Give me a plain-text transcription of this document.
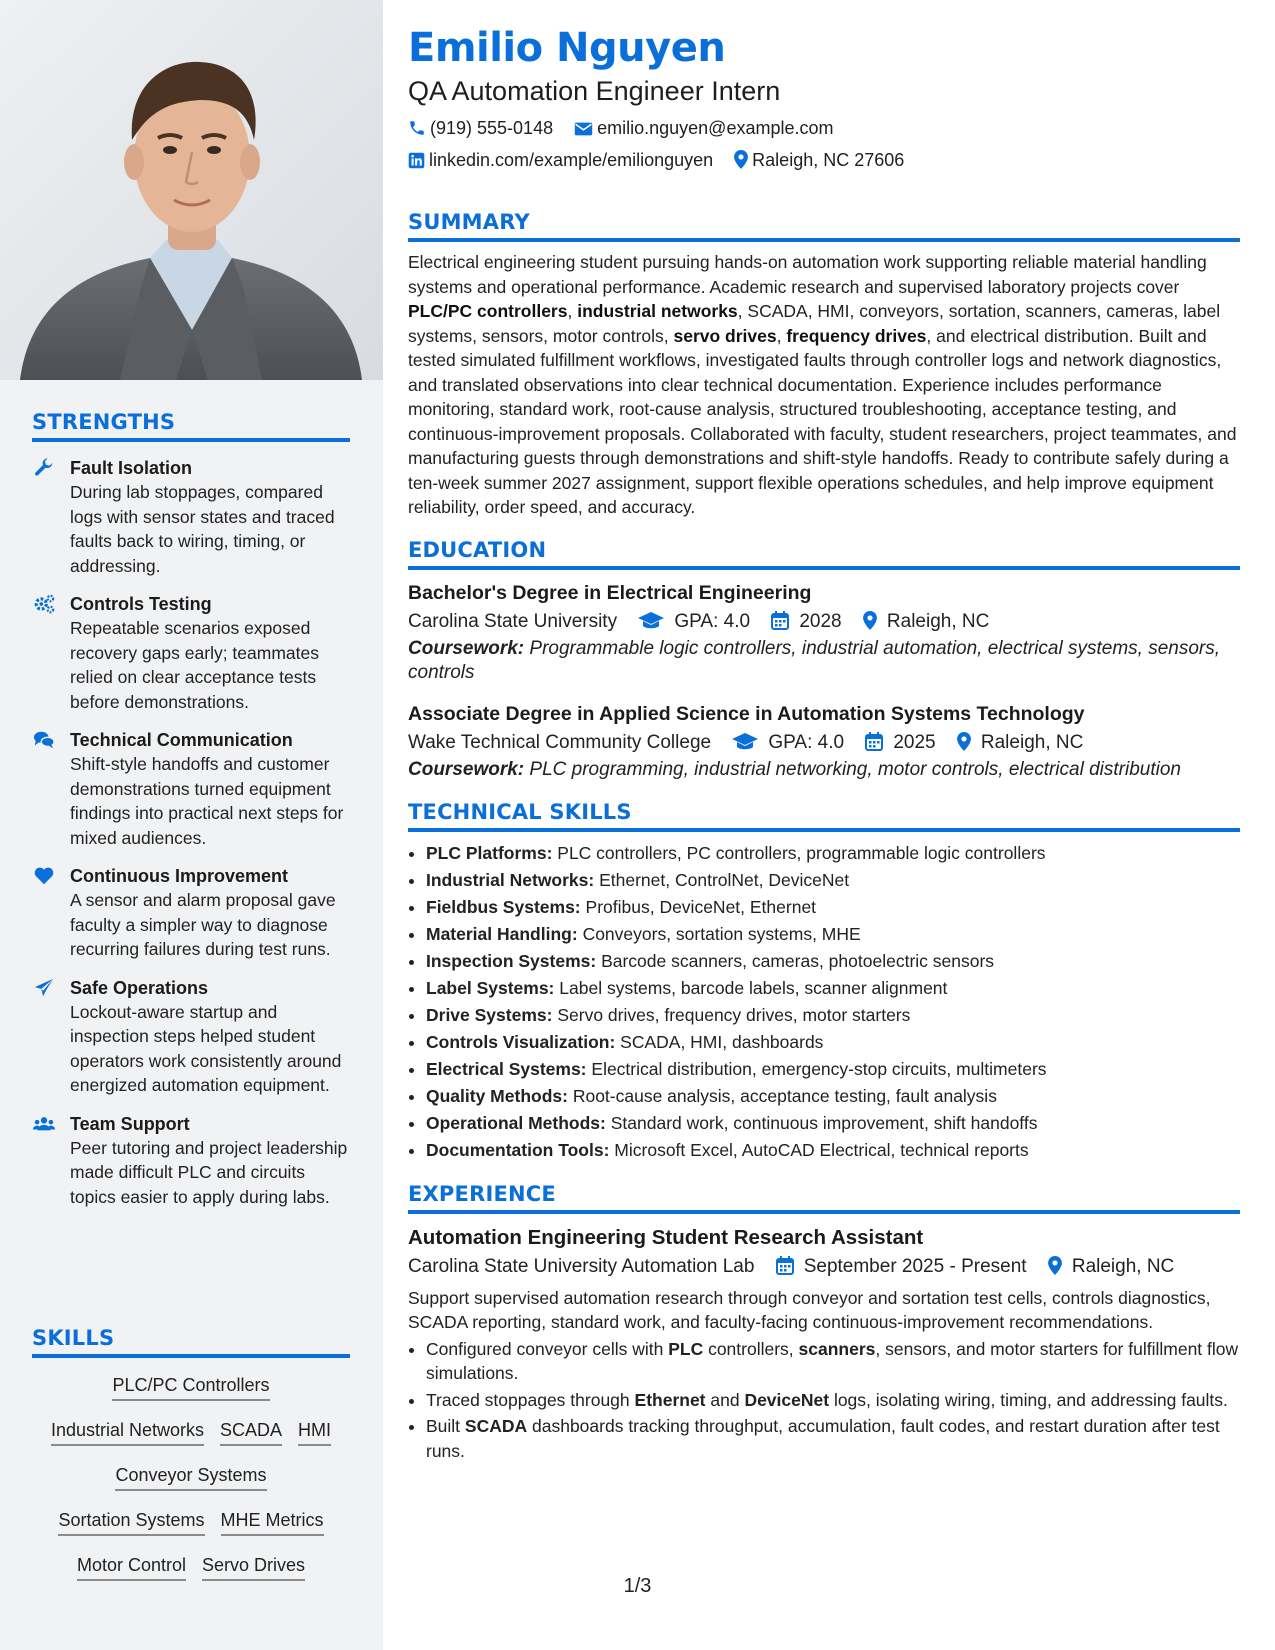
STRENGTHS
Fault Isolation
During lab stoppages, compared logs with sensor states and traced faults back to wiring, timing, or addressing.
Controls Testing
Repeatable scenarios exposed recovery gaps early; teammates relied on clear acceptance tests before demonstrations.
Technical Communication
Shift-style handoffs and customer demonstrations turned equipment findings into practical next steps for mixed audiences.
Continuous Improvement
A sensor and alarm proposal gave faculty a simpler way to diagnose recurring failures during test runs.
Safe Operations
Lockout-aware startup and inspection steps helped student operators work consistently around energized automation equipment.
Team Support
Peer tutoring and project leadership made difficult PLC and circuits topics easier to apply during labs.
SKILLS
PLC/PC Controllers
Industrial Networks SCADA HMI
Conveyor Systems
Sortation Systems MHE Metrics
Motor Control Servo Drives
Emilio Nguyen
QA Automation Engineer Intern
(919) 555-0148 emilio.nguyen@example.com
linkedin.com/example/emilionguyen Raleigh, NC 27606
SUMMARY
Electrical engineering student pursuing hands-on automation work supporting reliable material handling systems and operational performance. Academic research and supervised laboratory projects cover PLC/PC controllers, industrial networks, SCADA, HMI, conveyors, sortation, scanners, cameras, label systems, sensors, motor controls, servo drives, frequency drives, and electrical distribution. Built and tested simulated fulfillment workflows, investigated faults through controller logs and network diagnostics, and translated observations into clear technical documentation. Experience includes performance monitoring, standard work, root-cause analysis, structured troubleshooting, acceptance testing, and continuous-improvement proposals. Collaborated with faculty, student researchers, project teammates, and manufacturing guests through demonstrations and shift-style handoffs. Ready to contribute safely during a ten-week summer 2027 assignment, support flexible operations schedules, and help improve equipment reliability, order speed, and accuracy.
EDUCATION
Bachelor's Degree in Electrical Engineering
Carolina State University	GPA: 4.0	2028 Raleigh, NC
Coursework: Programmable logic controllers, industrial automation, electrical systems, sensors, controls
Associate Degree in Applied Science in Automation Systems Technology
Wake Technical Community College	GPA: 4.0	2025 Raleigh, NC
Coursework: PLC programming, industrial networking, motor controls, electrical distribution
TECHNICAL SKILLS
• PLC Platforms: PLC controllers, PC controllers, programmable logic controllers
• Industrial Networks: Ethernet, ControlNet, DeviceNet
• Fieldbus Systems: Profibus, DeviceNet, Ethernet
• Material Handling: Conveyors, sortation systems, MHE
• Inspection Systems: Barcode scanners, cameras, photoelectric sensors
• Label Systems: Label systems, barcode labels, scanner alignment
• Drive Systems: Servo drives, frequency drives, motor starters
• Controls Visualization: SCADA, HMI, dashboards
• Electrical Systems: Electrical distribution, emergency-stop circuits, multimeters
• Quality Methods: Root-cause analysis, acceptance testing, fault analysis
• Operational Methods: Standard work, continuous improvement, shift handoffs
• Documentation Tools: Microsoft Excel, AutoCAD Electrical, technical reports
EXPERIENCE
Automation Engineering Student Research Assistant
Carolina State University Automation Lab	September 2025 - Present Raleigh, NC
Support supervised automation research through conveyor and sortation test cells, controls diagnostics, SCADA reporting, standard work, and faculty-facing continuous-improvement recommendations.
• Configured conveyor cells with PLC controllers, scanners, sensors, and motor starters for fulfillment flow simulations.
• Traced stoppages through Ethernet and DeviceNet logs, isolating wiring, timing, and addressing faults.
• Built SCADA dashboards tracking throughput, accumulation, fault codes, and restart duration after test runs.
1/3
